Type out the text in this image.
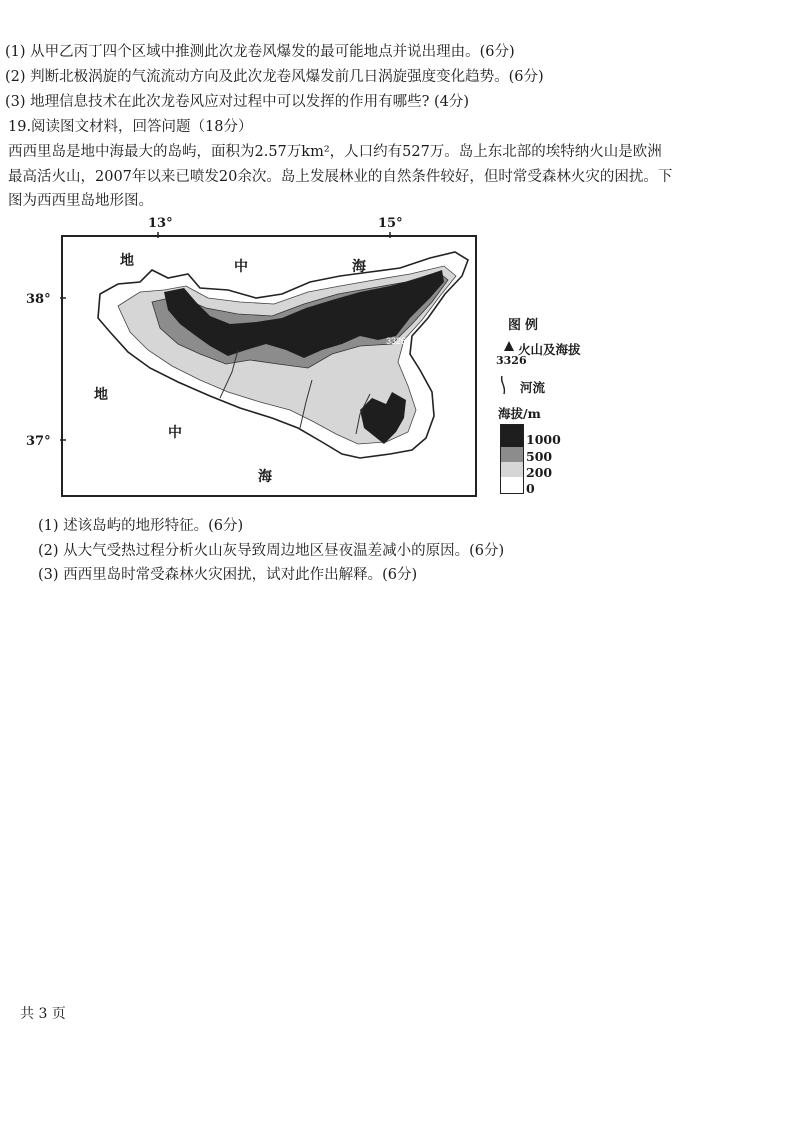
(1) 从甲乙丙丁四个区域中推测此次龙卷风爆发的最可能地点并说出理由。(6分)
(2) 判断北极涡旋的气流流动方向及此次龙卷风爆发前几日涡旋强度变化趋势。(6分)
(3) 地理信息技术在此次龙卷风应对过程中可以发挥的作用有哪些? (4分)
19.阅读图文材料，回答问题（18分）
西西里岛是地中海最大的岛屿，面积为2.57万km²，人口约有527万。岛上东北部的埃特纳火山是欧洲
最高活火山，2007年以来已喷发20余次。岛上发展林业的自然条件较好，但时常受森林火灾的困扰。下
图为西西里岛地形图。
13°	15°
38°
37°
3326
地	中	海
地
中
海
图例
火山及海拔
3326
河流
海拔/m
1000
500
200
0
(1) 述该岛屿的地形特征。(6分)
(2) 从大气受热过程分析火山灰导致周边地区昼夜温差减小的原因。(6分)
(3) 西西里岛时常受森林火灾困扰，试对此作出解释。(6分)
共 3 页
